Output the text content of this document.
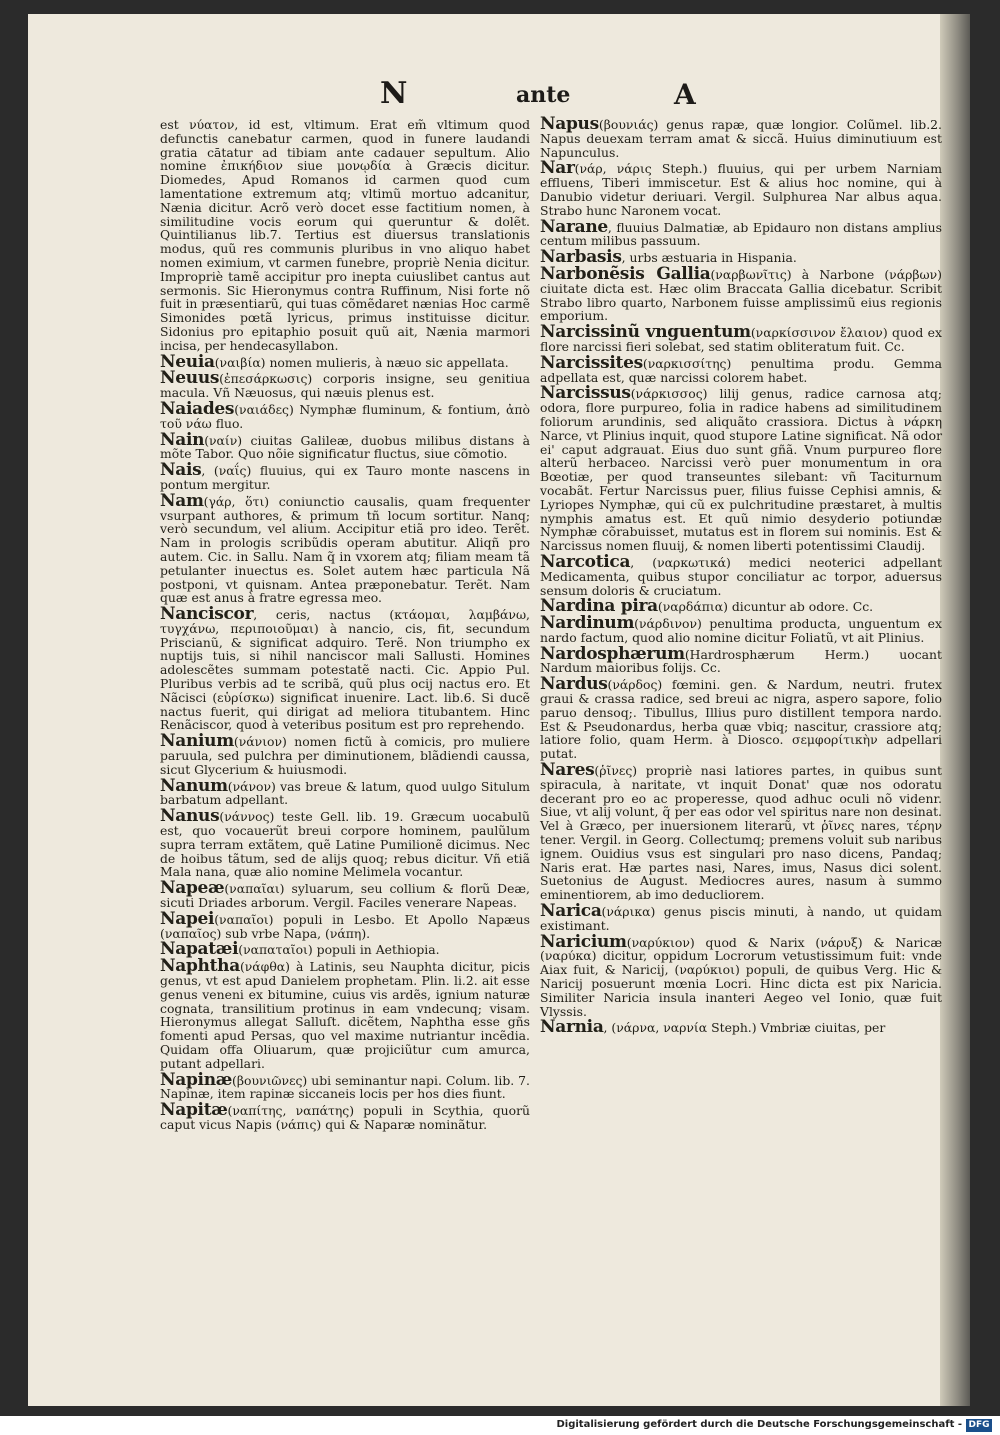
N	ante	A

est νύατον, id est, vltimum. Erat em̃ vltimum quod defunctis canebatur carmen, quod in funere laudandi gratia cātatur ad tibiam ante cadauer sepultum. Alio nomine ἐπικήδιον siue μονῳδία à Græcis dicitur. Diomedes, Apud Romanos id carmen quod cum lamentatione extremum atq; vltimũ mortuo adcanitur, Nænia dicitur. Acrõ verò docet esse factitium nomen, à similitudine vocis eorum qui queruntur & dolẽt. Quintilianus lib.7. Tertius est diuersus translationis modus, quũ res communis pluribus in vno aliquo habet nomen eximium, vt carmen funebre, propriè Nenia dicitur. Impropriè tamẽ accipitur pro inepta cuiuslibet cantus aut sermonis. Sic Hieronymus contra Ruffinum, Nisi forte nõ fuit in præsentiarũ, qui tuas cõmẽdaret nænias Hoc carmẽ Simonides pœtã lyricus, primus instituisse dicitur. Sidonius pro epitaphio posuit quũ ait, Nænia marmori incisa, per hendecasyllabon.

Neuia(ναιβία) nomen mulieris, à næuo sic appellata.

Neuus(ἐπεσάρκωσις) corporis insigne, seu genitiua macula. Vñ Næuosus, qui næuis plenus est.

Naiades(ναιάδες) Nymphæ fluminum, & fontium, ἀπὸ τοῦ νάω fluo.

Nain(ναίν) ciuitas Galileæ, duobus milibus distans à mõte Tabor. Quo nõie significatur fluctus, siue cõmotio.

Nais, (ναΐς) fluuius, qui ex Tauro monte nascens in pontum mergitur.

Nam(γάρ, ὅτι) coniunctio causalis, quam frequenter vsurpant authores, & primum tñ locum sortitur. Nanq; verò secundum, vel alium. Accipitur etiã pro ideo. Terẽt. Nam in prologis scribũdis operam abutitur. Aliqñ pro autem. Cic. in Sallu. Nam q̃ in vxorem atq; filiam meam tã petulanter inuectus es. Solet autem hæc particula Nã postponi, vt quisnam. Antea præponebatur. Terẽt. Nam quæ est anus à fratre egressa meo.

Nanciscor, ceris, nactus (κτάομαι, λαμβάνω, τυγχάνω, περιποιοῦμαι) à nancio, cis, fit, secundum Priscianũ, & significat adquiro. Terẽ. Non triumpho ex nuptijs tuis, si nihil nanciscor mali Sallusti. Homines adolescẽtes summam potestatẽ nacti. Cic. Appio Pul. Pluribus verbis ad te scribã, quũ plus ocij nactus ero. Et Nãcisci (εὑρίσκω) significat inuenire. Lact. lib.6. Si ducẽ nactus fuerit, qui dirigat ad meliora titubantem. Hinc Renãciscor, quod à veteribus positum est pro reprehendo.

Nanium(νάνιον) nomen fictũ à comicis, pro muliere paruula, sed pulchra per diminutionem, blãdiendi caussa, sicut Glycerium & huiusmodi.

Nanum(νάνον) vas breue & latum, quod uulgo Situlum barbatum adpellant.

Nanus(νάννος) teste Gell. lib. 19. Græcum uocabulũ est, quo vocauerũt breui corpore hominem, paulũlum supra terram extãtem, quẽ Latine Pumilionẽ dicimus. Nec de hoibus tãtum, sed de alijs quoq; rebus dicitur. Vñ etiã Mala nana, quæ alio nomine Melimela vocantur.

Napeæ(ναπαῖαι) syluarum, seu collium & florũ Deæ, sicuti Driades arborum. Vergil. Faciles venerare Napeas.

Napei(ναπαῖοι) populi in Lesbo. Et Apollo Napæus (ναπαῖος) sub vrbe Napa, (νάπη).

Napatæi(ναπαταῖοι) populi in Aethiopia.

Naphtha(νάφθα) à Latinis, seu Nauphta dicitur, picis genus, vt est apud Danielem prophetam. Plin. li.2. ait esse genus veneni ex bitumine, cuius vis ardẽs, ignium naturæ cognata, transilitium protinus in eam vndecunq; visam. Hieronymus allegat Salluſt. dicẽtem, Naphtha esse gñs fomenti apud Persas, quo vel maxime nutriantur incẽdia. Quidam offa Oliuarum, quæ projiciũtur cum amurca, putant adpellari.

Napinæ(βουνιῶνες) ubi seminantur napi. Colum. lib. 7. Napinæ, item rapinæ siccaneis locis per hos dies fiunt.

Napitæ(ναπίτης, ναπάτης) populi in Scythia, quorũ caput vicus Napis (νάπις) qui & Naparæ nominãtur.

Napus(βουνιάς) genus rapæ, quæ longior. Colũmel. lib.2. Napus deuexam terram amat & siccã. Huius diminutiuum est Napunculus.

Nar(νάρ, νάρις Steph.) fluuius, qui per urbem Narniam effluens, Tiberi immiscetur. Est & alius hoc nomine, qui à Danubio videtur deriuari. Vergil. Sulphurea Nar albus aqua. Strabo hunc Naronem vocat.

Narane, fluuius Dalmatiæ, ab Epidauro non distans amplius centum milibus passuum.

Narbasis, urbs æstuaria in Hispania.

Narbonẽsis Gallia(ναρβωνῖτις) à Narbone (νάρβων) ciuitate dicta est. Hæc olim Braccata Gallia dicebatur. Scribit Strabo libro quarto, Narbonem fuisse amplissimũ eius regionis emporium.

Narcissinũ vnguentum(ναρκίσσινον ἔλαιον) quod ex flore narcissi fieri solebat, sed statim obliteratum fuit. Cc.

Narcissites(ναρκισσίτης) penultima produ. Gemma adpellata est, quæ narcissi colorem habet.

Narcissus(νάρκισσος) lilij genus, radice carnosa atq; odora, flore purpureo, folia in radice habens ad similitudinem foliorum arundinis, sed aliquãto crassiora. Dictus à νάρκη Narce, vt Plinius inquit, quod stupore Latine significat. Nã odor ei' caput adgrauat. Eius duo sunt gñã. Vnum purpureo flore alterũ herbaceo. Narcissi verò puer monumentum in ora Bœotiæ, per quod transeuntes silebant: vñ Taciturnum vocabãt. Fertur Narcissus puer, filius fuisse Cephisi amnis, & Lyriopes Nymphæ, qui cũ ex pulchritudine præstaret, à multis nymphis amatus est. Et quũ nimio desyderio potiundæ Nymphæ cõrabuisset, mutatus est in florem sui nominis. Est & Narcissus nomen fluuij, & nomen liberti potentissimi Claudij.

Narcotica, (ναρκωτικά) medici neoterici adpellant Medicamenta, quibus stupor conciliatur ac torpor, aduersus sensum doloris & cruciatum.

Nardina pira(ναρδάπια) dicuntur ab odore. Cc.

Nardinum(νάρδινον) penultima producta, unguentum ex nardo factum, quod alio nomine dicitur Foliatũ, vt ait Plinius.

Nardosphærum(Hardrosphærum Herm.) uocant Nardum maioribus folijs. Cc.

Nardus(νάρδος) fœmini. gen. & Nardum, neutri. frutex graui & crassa radice, sed breui ac nigra, aspero sapore, folio paruo densoq;. Tibullus, Illius puro distillent tempora nardo. Est & Pseudonardus, herba quæ vbiq; nascitur, crassiore atq; latiore folio, quam Herm. à Diosco. σεμφορίτικὴν adpellari putat.

Nares(ῥῖνες) propriè nasi latiores partes, in quibus sunt spiracula, à naritate, vt inquit Donat' quæ nos odoratu decerant pro eo ac properesse, quod adhuc oculi nõ videnr. Siue, vt alij volunt, q̃ per eas odor vel spiritus nare non desinat. Vel à Græco, per inuersionem literarũ, vt ῥῖνες nares, τέρην tener. Vergil. in Georg. Collectumq; premens voluit sub naribus ignem. Ouidius vsus est singulari pro naso dicens, Pandaq; Naris erat. Hæ partes nasi, Nares, imus, Nasus dici solent. Suetonius de August. Mediocres aures, nasum à summo eminentiorem, ab imo deducliorem.

Narica(νάρικα) genus piscis minuti, à nando, ut quidam existimant.

Naricium(ναρύκιον) quod & Narix (νάρυξ) & Naricæ (ναρύκα) dicitur, oppidum Locrorum vetustissimum fuit: vnde Aiax fuit, & Naricij, (ναρύκιοι) populi, de quibus Verg. Hic & Naricij posuerunt mœnia Locri. Hinc dicta est pix Naricia. Similiter Naricia insula inanteri Aegeo vel Ionio, quæ fuit Vlyssis.

Narnia, (νάρνα, ναρνία Steph.) Vmbriæ ciuitas, per

Digitalisierung gefördert durch die Deutsche Forschungsgemeinschaft - DFG
